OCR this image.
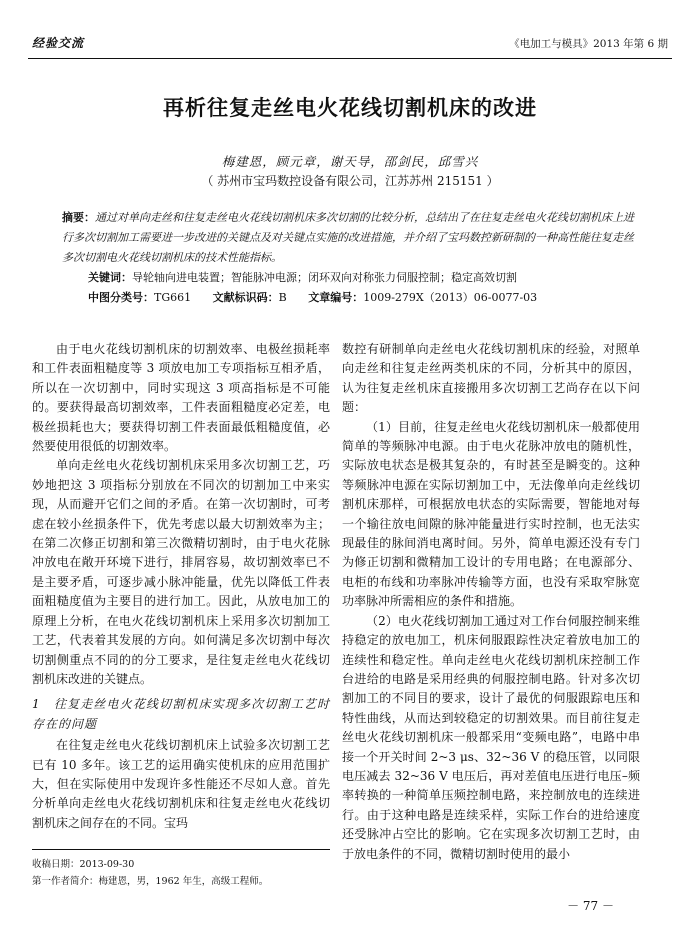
经验交流	《电加工与模具》2013 年第 6 期
再析往复走丝电火花线切割机床的改进
梅建恩，顾元章，谢天导，邵剑民，邱雪兴
（ 苏州市宝玛数控设备有限公司，江苏苏州 215151 ）
摘要：通过对单向走丝和往复走丝电火花线切割机床多次切割的比较分析，总结出了在往复走丝电火花线切割机床上进行多次切割加工需要进一步改进的关键点及对关键点实施的改进措施，并介绍了宝玛数控新研制的一种高性能往复走丝多次切割电火花线切割机床的技术性能指标。
关键词：导轮轴向进电装置；智能脉冲电源；闭环双向对称张力伺服控制；稳定高效切割
中图分类号：TG661 文献标识码：B 文章编号：1009-279X（2013）06-0077-03

由于电火花线切割机床的切割效率、电极丝损耗率和工件表面粗糙度等 3 项放电加工专项指标互相矛盾，所以在一次切割中，同时实现这 3 项高指标是不可能的。要获得最高切割效率，工件表面粗糙度必定差，电极丝损耗也大；要获得切割工件表面最低粗糙度值，必然要使用很低的切割效率。

单向走丝电火花线切割机床采用多次切割工艺，巧妙地把这 3 项指标分别放在不同次的切割加工中来实现，从而避开它们之间的矛盾。在第一次切割时，可考虑在较小丝损条件下，优先考虑以最大切割效率为主；在第二次修正切割和第三次微精切割时，由于电火花脉冲放电在敞开环境下进行，排屑容易，故切割效率已不是主要矛盾，可逐步减小脉冲能量，优先以降低工件表面粗糙度值为主要目的进行加工。因此，从放电加工的原理上分析，在电火花线切割机床上采用多次切割加工工艺，代表着其发展的方向。如何满足多次切割中每次切割侧重点不同的的分工要求，是往复走丝电火花线切割机床改进的关键点。

1　往复走丝电火花线切割机床实现多次切割工艺时存在的问题

在往复走丝电火花线切割机床上试验多次切割工艺已有 10 多年。该工艺的运用确实使机床的应用范围扩大，但在实际使用中发现许多性能还不尽如人意。首先分析单向走丝电火花线切割机床和往复走丝电火花线切割机床之间存在的不同。宝玛

数控有研制单向走丝电火花线切割机床的经验，对照单向走丝和往复走丝两类机床的不同，分析其中的原因，认为往复走丝机床直接搬用多次切割工艺尚存在以下问题：

（1）目前，往复走丝电火花线切割机床一般都使用简单的等频脉冲电源。由于电火花脉冲放电的随机性，实际放电状态是极其复杂的，有时甚至是瞬变的。这种等频脉冲电源在实际切割加工中，无法像单向走丝线切割机床那样，可根据放电状态的实际需要，智能地对每一个输往放电间隙的脉冲能量进行实时控制，也无法实现最佳的脉间消电离时间。另外，简单电源还没有专门为修正切割和微精加工设计的专用电路；在电源部分、电柜的布线和功率脉冲传输等方面，也没有采取窄脉宽功率脉冲所需相应的条件和措施。

（2）电火花线切割加工通过对工作台伺服控制来维持稳定的放电加工，机床伺服跟踪性决定着放电加工的连续性和稳定性。单向走丝电火花线切割机床控制工作台进给的电路是采用经典的伺服控制电路。针对多次切割加工的不同目的要求，设计了最优的伺服跟踪电压和特性曲线，从而达到较稳定的切割效果。而目前往复走丝电火花线切割机床一般都采用“变频电路”，电路中串接一个开关时间 2~3 μs、32~36 V 的稳压管，以同限电压减去 32~36 V 电压后，再对差值电压进行电压–频率转换的一种简单压频控制电路，来控制放电的连续进行。由于这种电路是连续采样，实际工作台的进给速度还受脉冲占空比的影响。它在实现多次切割工艺时，由于放电条件的不同，微精切割时使用的最小

收稿日期：2013-09-30
第一作者简介：梅建恩，男，1962 年生，高级工程师。
－ 77 －
